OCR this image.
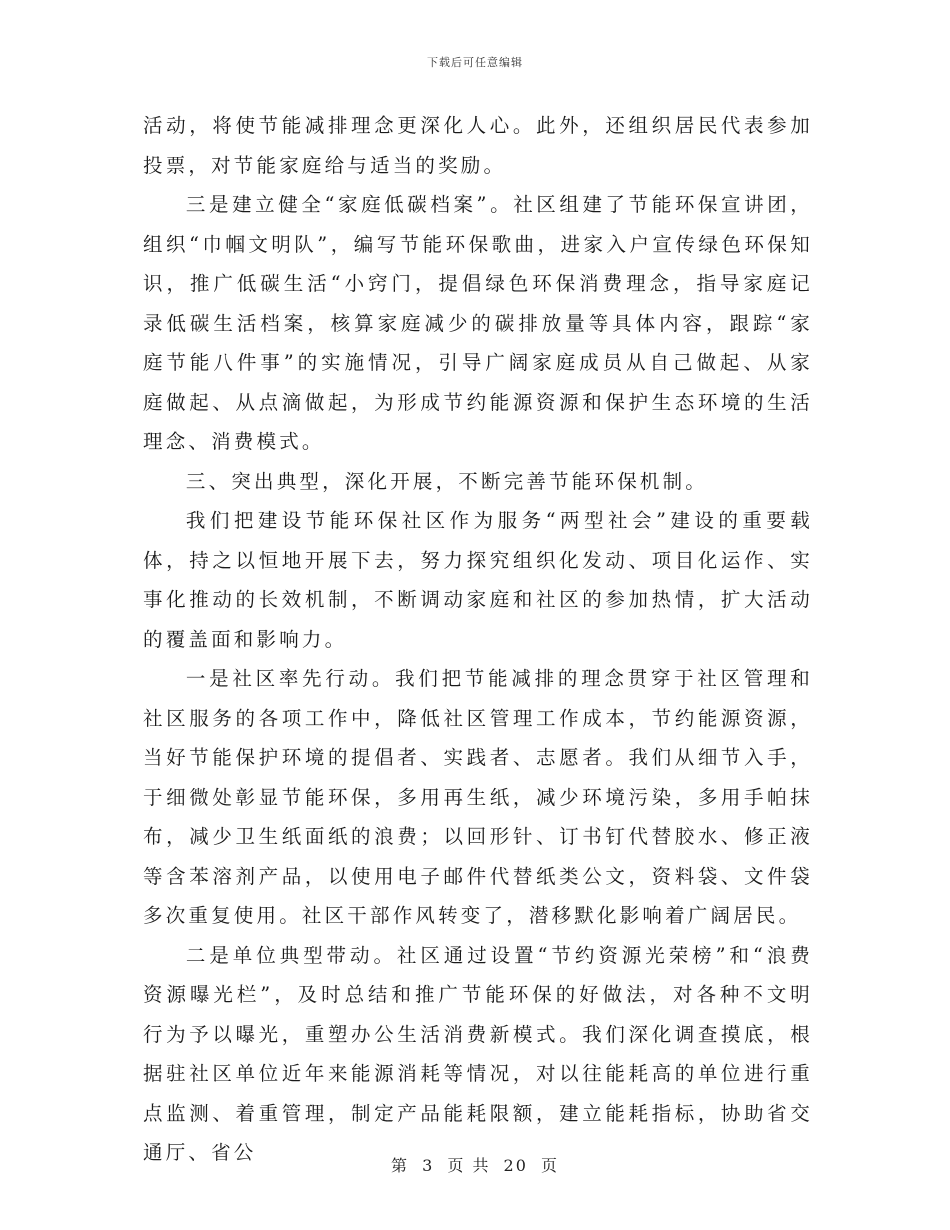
下载后可任意编辑

活动，将使节能减排理念更深化人心。此外，还组织居民代表参加投票，对节能家庭给与适当的奖励。

三是建立健全“家庭低碳档案”。社区组建了节能环保宣讲团，组织“巾帼文明队”，编写节能环保歌曲，进家入户宣传绿色环保知识，推广低碳生活“小窍门，提倡绿色环保消费理念，指导家庭记录低碳生活档案，核算家庭减少的碳排放量等具体内容，跟踪“家庭节能八件事”的实施情况，引导广阔家庭成员从自己做起、从家庭做起、从点滴做起，为形成节约能源资源和保护生态环境的生活理念、消费模式。

三、突出典型，深化开展，不断完善节能环保机制。

我们把建设节能环保社区作为服务“两型社会”建设的重要载体，持之以恒地开展下去，努力探究组织化发动、项目化运作、实事化推动的长效机制，不断调动家庭和社区的参加热情，扩大活动的覆盖面和影响力。

一是社区率先行动。我们把节能减排的理念贯穿于社区管理和社区服务的各项工作中，降低社区管理工作成本，节约能源资源，当好节能保护环境的提倡者、实践者、志愿者。我们从细节入手，于细微处彰显节能环保，多用再生纸，减少环境污染，多用手帕抹布，减少卫生纸面纸的浪费；以回形针、订书钉代替胶水、修正液等含苯溶剂产品，以使用电子邮件代替纸类公文，资料袋、文件袋多次重复使用。社区干部作风转变了，潜移默化影响着广阔居民。

二是单位典型带动。社区通过设置“节约资源光荣榜”和“浪费资源曝光栏”，及时总结和推广节能环保的好做法，对各种不文明行为予以曝光，重塑办公生活消费新模式。我们深化调查摸底，根据驻社区单位近年来能源消耗等情况，对以往能耗高的单位进行重点监测、着重管理，制定产品能耗限额，建立能耗指标，协助省交通厅、省公

第 3 页 共 20 页
